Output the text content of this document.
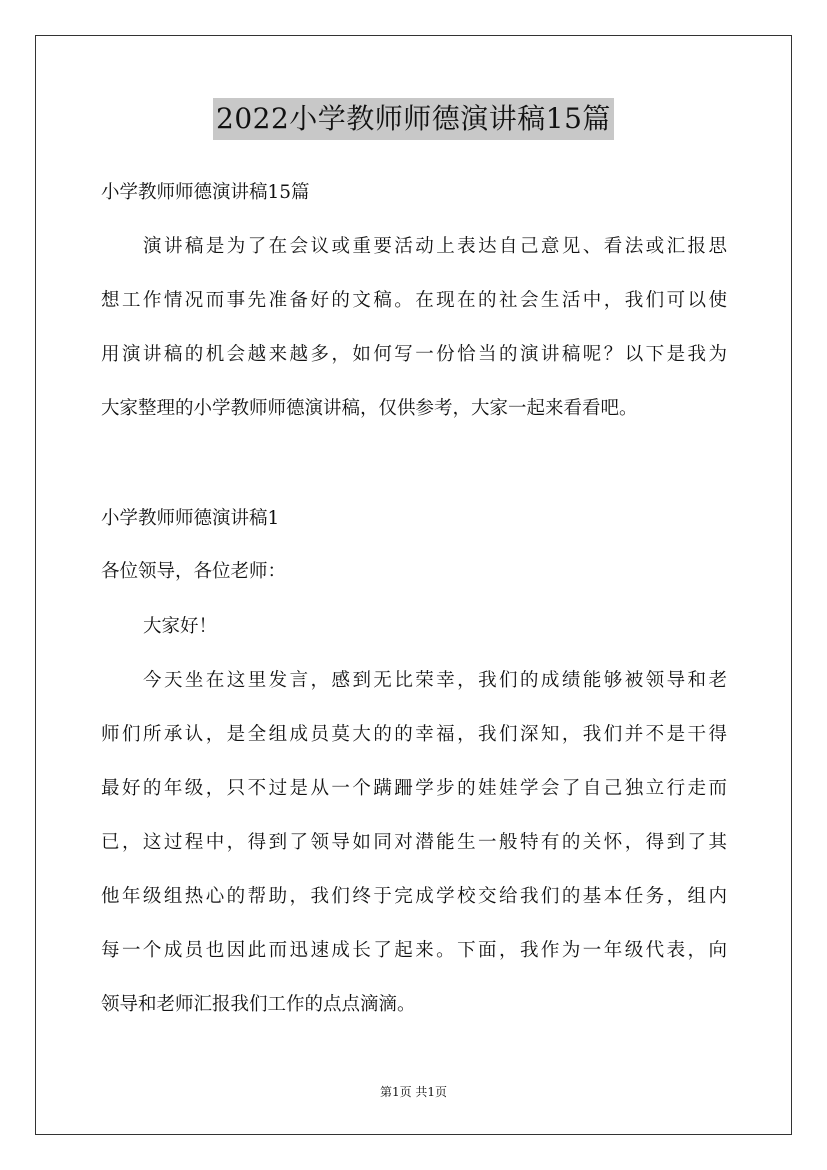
2022小学教师师德演讲稿15篇
小学教师师德演讲稿15篇
演讲稿是为了在会议或重要活动上表达自己意见、看法或汇报思
想工作情况而事先准备好的文稿。在现在的社会生活中，我们可以使
用演讲稿的机会越来越多，如何写一份恰当的演讲稿呢？以下是我为
大家整理的小学教师师德演讲稿，仅供参考，大家一起来看看吧。
小学教师师德演讲稿1
各位领导，各位老师：
大家好！
今天坐在这里发言，感到无比荣幸，我们的成绩能够被领导和老
师们所承认，是全组成员莫大的的幸福，我们深知，我们并不是干得
最好的年级，只不过是从一个蹒跚学步的娃娃学会了自己独立行走而
已，这过程中，得到了领导如同对潜能生一般特有的关怀，得到了其
他年级组热心的帮助，我们终于完成学校交给我们的基本任务，组内
每一个成员也因此而迅速成长了起来。下面，我作为一年级代表，向
领导和老师汇报我们工作的点点滴滴。
第1页 共1页
